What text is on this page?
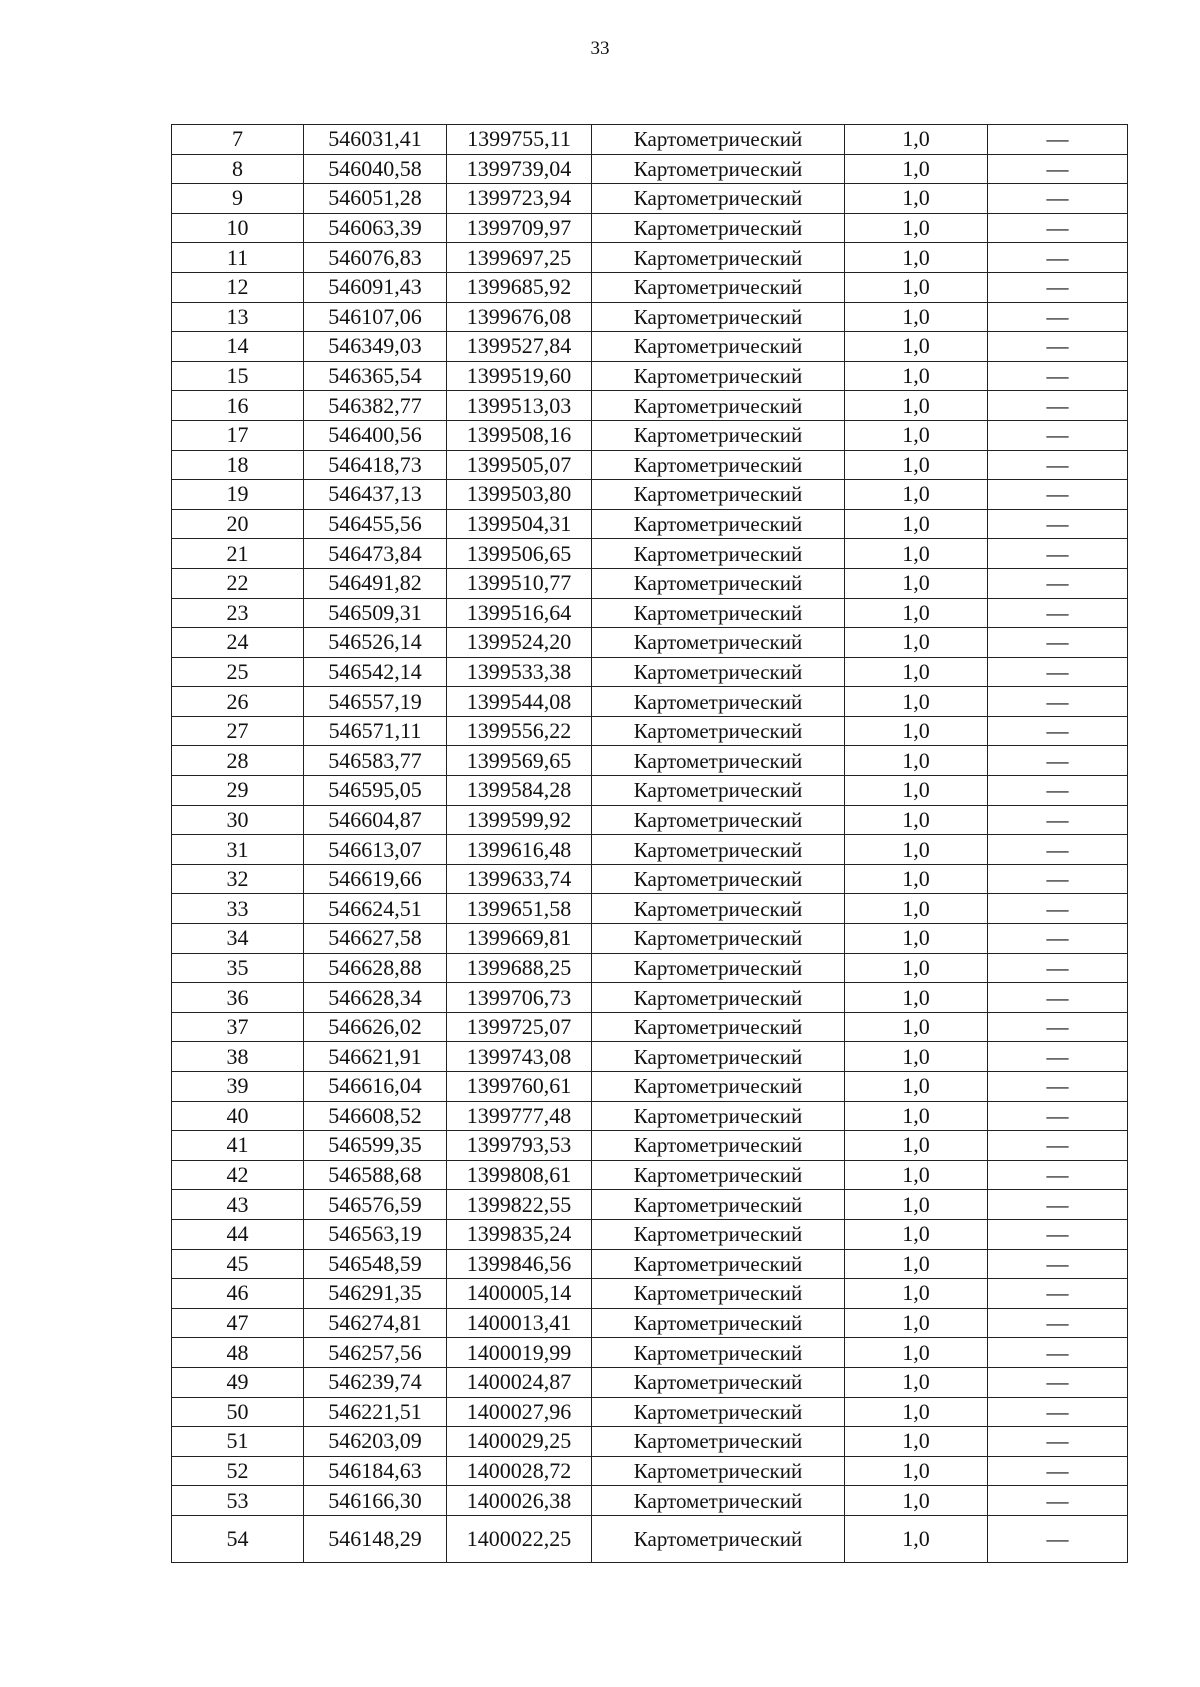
33
7	546031,41	1399755,11	Картометрический	1,0	—
8	546040,58	1399739,04	Картометрический	1,0	—
9	546051,28	1399723,94	Картометрический	1,0	—
10	546063,39	1399709,97	Картометрический	1,0	—
11	546076,83	1399697,25	Картометрический	1,0	—
12	546091,43	1399685,92	Картометрический	1,0	—
13	546107,06	1399676,08	Картометрический	1,0	—
14	546349,03	1399527,84	Картометрический	1,0	—
15	546365,54	1399519,60	Картометрический	1,0	—
16	546382,77	1399513,03	Картометрический	1,0	—
17	546400,56	1399508,16	Картометрический	1,0	—
18	546418,73	1399505,07	Картометрический	1,0	—
19	546437,13	1399503,80	Картометрический	1,0	—
20	546455,56	1399504,31	Картометрический	1,0	—
21	546473,84	1399506,65	Картометрический	1,0	—
22	546491,82	1399510,77	Картометрический	1,0	—
23	546509,31	1399516,64	Картометрический	1,0	—
24	546526,14	1399524,20	Картометрический	1,0	—
25	546542,14	1399533,38	Картометрический	1,0	—
26	546557,19	1399544,08	Картометрический	1,0	—
27	546571,11	1399556,22	Картометрический	1,0	—
28	546583,77	1399569,65	Картометрический	1,0	—
29	546595,05	1399584,28	Картометрический	1,0	—
30	546604,87	1399599,92	Картометрический	1,0	—
31	546613,07	1399616,48	Картометрический	1,0	—
32	546619,66	1399633,74	Картометрический	1,0	—
33	546624,51	1399651,58	Картометрический	1,0	—
34	546627,58	1399669,81	Картометрический	1,0	—
35	546628,88	1399688,25	Картометрический	1,0	—
36	546628,34	1399706,73	Картометрический	1,0	—
37	546626,02	1399725,07	Картометрический	1,0	—
38	546621,91	1399743,08	Картометрический	1,0	—
39	546616,04	1399760,61	Картометрический	1,0	—
40	546608,52	1399777,48	Картометрический	1,0	—
41	546599,35	1399793,53	Картометрический	1,0	—
42	546588,68	1399808,61	Картометрический	1,0	—
43	546576,59	1399822,55	Картометрический	1,0	—
44	546563,19	1399835,24	Картометрический	1,0	—
45	546548,59	1399846,56	Картометрический	1,0	—
46	546291,35	1400005,14	Картометрический	1,0	—
47	546274,81	1400013,41	Картометрический	1,0	—
48	546257,56	1400019,99	Картометрический	1,0	—
49	546239,74	1400024,87	Картометрический	1,0	—
50	546221,51	1400027,96	Картометрический	1,0	—
51	546203,09	1400029,25	Картометрический	1,0	—
52	546184,63	1400028,72	Картометрический	1,0	—
53	546166,30	1400026,38	Картометрический	1,0	—
54	546148,29	1400022,25	Картометрический	1,0	—
